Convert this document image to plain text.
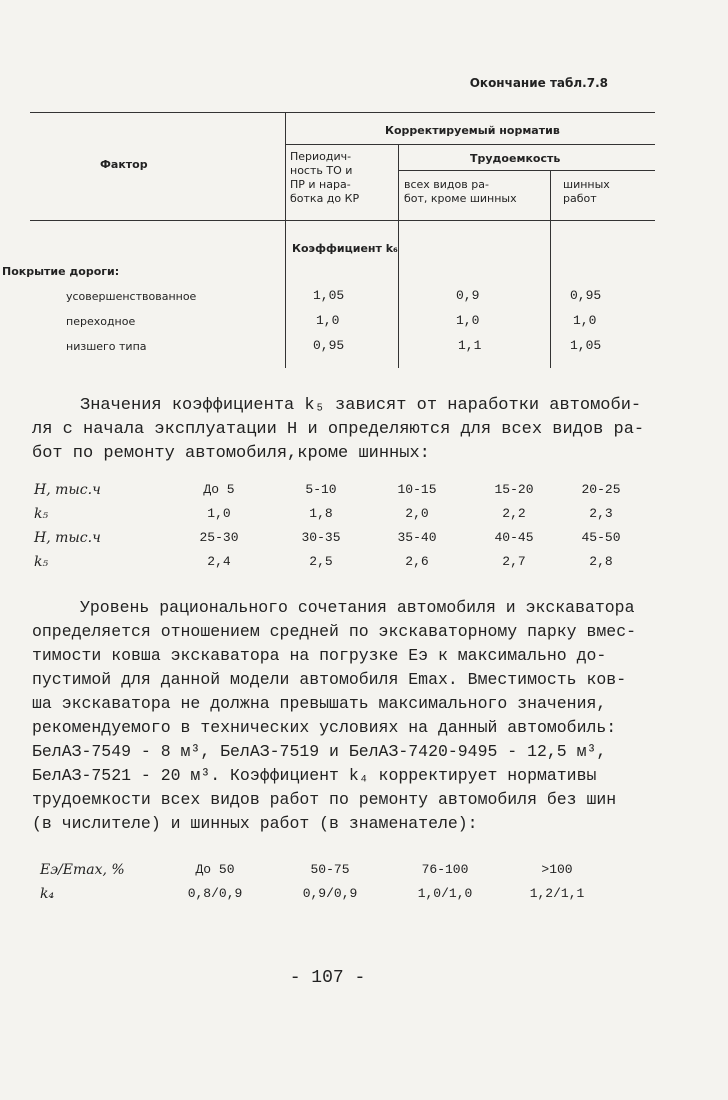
Окончание табл.7.8
Фактор
Корректируемый норматив
Периодич-
ность ТО и
ПР и нара-
ботка до КР
Трудоемкость
всех видов ра-
бот, кроме шинных
шинных
работ
Коэффициент k₆
Покрытие дороги:
усовершенствованное	1,05	0,9	0,95
переходное	1,0	1,0	1,0
низшего типа	0,95	1,1	1,05
Значения коэффициента k₅ зависят от наработки автомоби-
ля с начала эксплуатации H и определяются для всех видов ра-
бот по ремонту автомобиля,кроме шинных:
H, тыс.ч	До 5	5-10	10-15	15-20	20-25
k₅	1,0	1,8	2,0	2,2	2,3
H, тыс.ч	25-30	30-35	35-40	40-45	45-50
k₅	2,4	2,5	2,6	2,7	2,8
Уровень рационального сочетания автомобиля и экскаватора
определяется отношением средней по экскаваторному парку вмес-
тимости ковша экскаватора на погрузке Eэ к максимально до-
пустимой для данной модели автомобиля Emax. Вместимость ков-
ша экскаватора не должна превышать максимального значения,
рекомендуемого в технических условиях на данный автомобиль:
БелАЗ-7549 - 8 м³, БелАЗ-7519 и БелАЗ-7420-9495 - 12,5 м³,
БелАЗ-7521 - 20 м³. Коэффициент k₄ корректирует нормативы
трудоемкости всех видов работ по ремонту автомобиля без шин
(в числителе) и шинных работ (в знаменателе):
Eэ/Emax, %	До 50	50-75	76-100	>100
k₄	0,8/0,9	0,9/0,9	1,0/1,0	1,2/1,1
- 107 -
